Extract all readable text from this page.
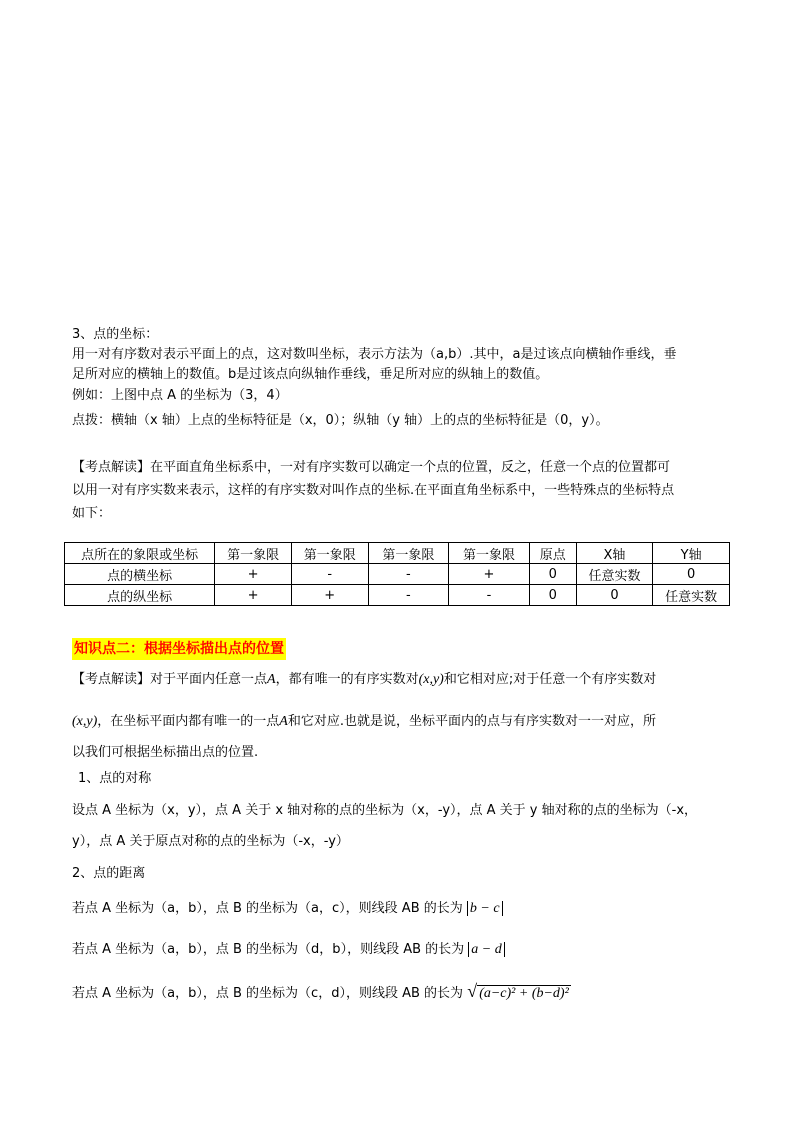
3、点的坐标：
用一对有序数对表示平面上的点，这对数叫坐标，表示方法为（a,b）.其中，a是过该点向横轴作垂线，垂
足所对应的横轴上的数值。b是过该点向纵轴作垂线，垂足所对应的纵轴上的数值。
例如：上图中点 A 的坐标为（3，4）
点拨：横轴（x 轴）上点的坐标特征是（x，0）；纵轴（y 轴）上的点的坐标特征是（0，y）。
【考点解读】在平面直角坐标系中，一对有序实数可以确定一个点的位置，反之，任意一个点的位置都可
以用一对有序实数来表示，这样的有序实数对叫作点的坐标.在平面直角坐标系中，一些特殊点的坐标特点
如下：
点所在的象限或坐标	第一象限	第一象限	第一象限	第一象限	原点	X轴	Y轴
点的横坐标	+	-	-	+	0	任意实数	0
点的纵坐标	+	+	-	-	0	0	任意实数
知识点二：根据坐标描出点的位置
【考点解读】对于平面内任意一点A，都有唯一的有序实数对(x,y)和它相对应;对于任意一个有序实数对
(x,y)，在坐标平面内都有唯一的一点A和它对应.也就是说，坐标平面内的点与有序实数对一一对应，所
以我们可根据坐标描出点的位置.
1、点的对称
设点 A 坐标为（x，y），点 A 关于 x 轴对称的点的坐标为（x，-y），点 A 关于 y 轴对称的点的坐标为（-x，
y），点 A 关于原点对称的点的坐标为（-x，-y）
2、点的距离
若点 A 坐标为（a，b），点 B 的坐标为（a，c），则线段 AB 的长为 b − c
若点 A 坐标为（a，b），点 B 的坐标为（d，b），则线段 AB 的长为 a − d
若点 A 坐标为（a，b），点 B 的坐标为（c，d），则线段 AB 的长为 √ (a−c)² + (b−d)²
